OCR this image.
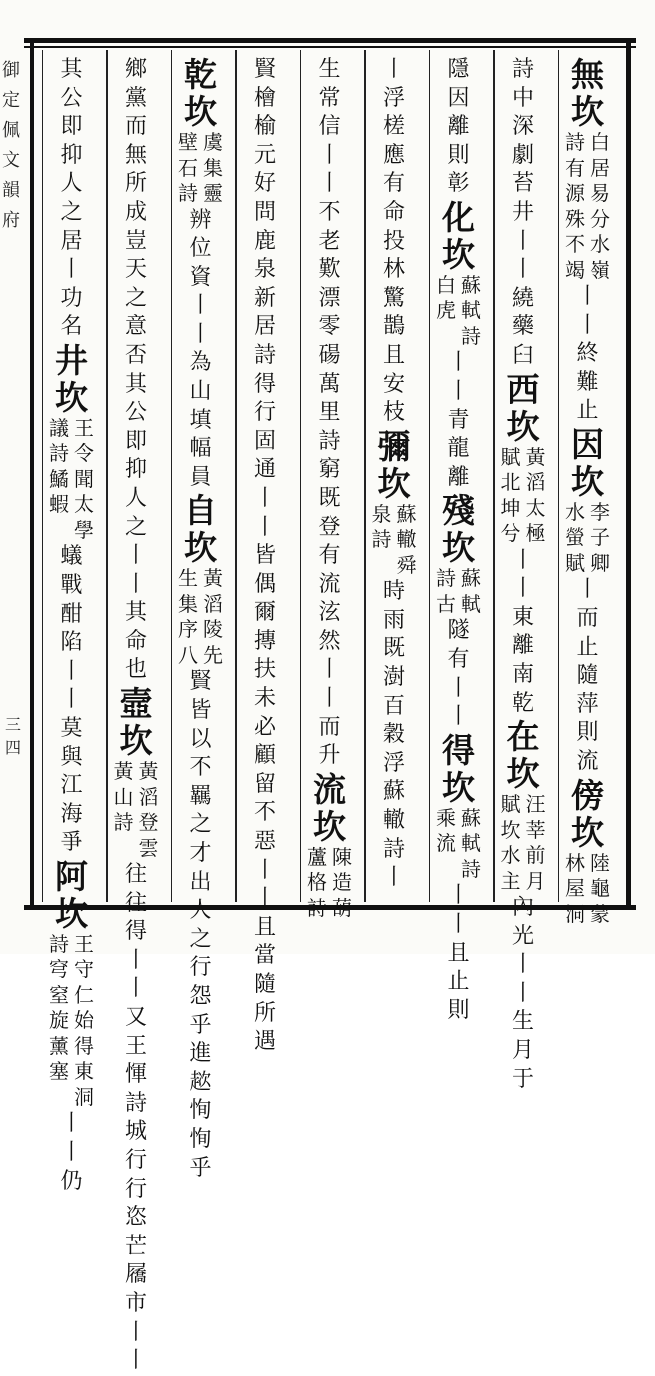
御
定
佩
文
韻
府
三四
無
坎
詩
有
源
殊
不
竭
白
居
易
分
水
嶺
丨
丨
終
難
止
因
坎
水
螢
賦
李
子
卿
丨
而
止
隨
萍
則
流
傍
坎
林
屋
洞
陸
龜
蒙
詩
中
深
劇
苔
井
丨
丨
繞
藥
臼
西
坎
賦
北
坤
兮
黃
滔
太
極
丨
丨
東
離
南
乾
在
坎
賦
坎
水
主
汪
莘
前
月
內
光
丨
丨
生
月
于
隱
因
離
則
彰
化
坎
白
虎
蘇
軾
詩
丨
丨
青
龍
離
殘
坎
詩
古
蘇
軾
隧
有
丨
丨
得
坎
乘
流
蘇
軾
詩
丨
丨
且
止
則
丨
浮
槎
應
有
命
投
林
驚
鵲
且
安
枝
彌
坎
泉
詩
蘇
轍
舜
時
雨
既
澍
百
穀
浮
蘇
轍
詩
丨
生
常
信
丨
丨
不
老
歎
漂
零
碭
萬
里
詩
窮
既
登
有
流
泫
然
丨
丨
而
升
流
坎
蘆
格
詩
陳
造
葫
賢
檜
榆
元
好
問
鹿
泉
新
居
詩
得
行
固
通
丨
丨
皆
偶
爾
摶
扶
未
必
顧
留
不
惡
丨
丨
且
當
隨
所
遇
乾
坎
壁
石
詩
虞
集
靈
辨
位
資
丨
丨
為
山
填
幅
員
自
坎
生
集
序
八
黃
滔
陵
先
賢
皆
以
不
羈
之
才
出
人
之
行
怨
乎
進
趑
恂
恂
乎
鄉
黨
而
無
所
成
豈
天
之
意
否
其
公
即
抑
人
之
丨
丨
其
命
也
壼
坎
黃
山
詩
黃
滔
登
雲
往
往
得
丨
丨
又
王
惲
詩
城
行
行
恣
芒
屩
市
丨
丨
其
公
即
抑
人
之
居
丨
功
名
井
坎
議
詩
鱊
蝦
王
令
聞
太
學
蟻
戰
酣
陷
丨
丨
莫
與
江
海
爭
阿
坎
詩
穹
窒
旋
薰
塞
王
守
仁
始
得
東
洞
丨
丨
仍
